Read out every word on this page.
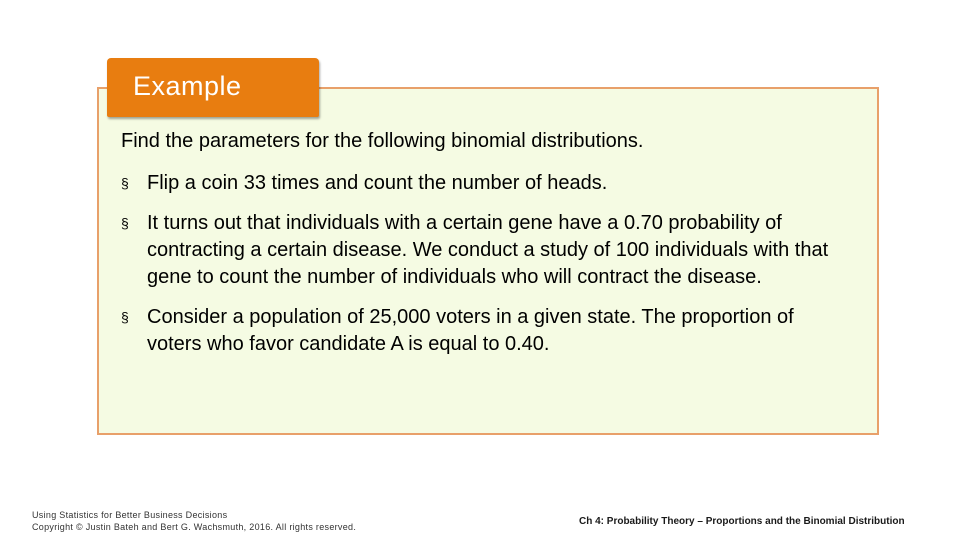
Example
Find the parameters for the following binomial distributions.
§ Flip a coin 33 times and count the number of heads.
§ It turns out that individuals with a certain gene have a 0.70 probability of contracting a certain disease. We conduct a study of 100 individuals with that gene to count the number of individuals who will contract the disease.
§ Consider a population of 25,000 voters in a given state. The proportion of voters who favor candidate A is equal to 0.40.
Using Statistics for Better Business Decisions
Copyright © Justin Bateh and Bert G. Wachsmuth, 2016. All rights reserved.	Ch 4: Probability Theory – Proportions and the Binomial Distribution
